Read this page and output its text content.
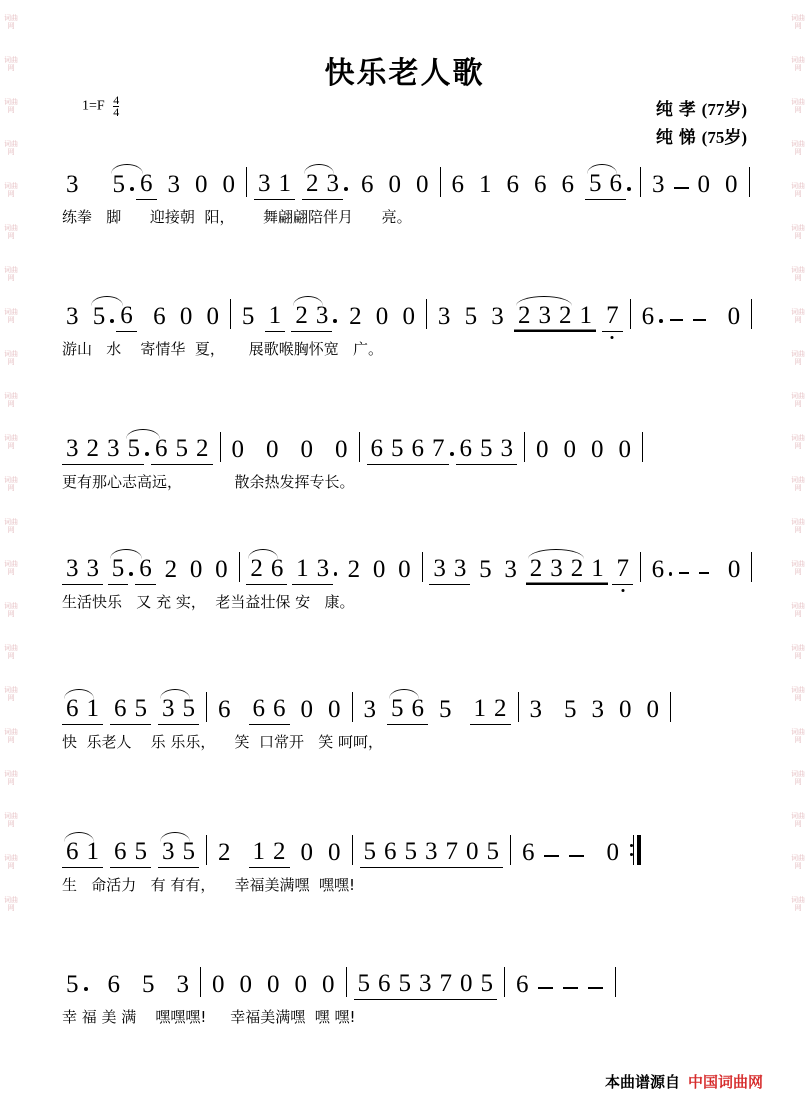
词曲网
词曲网
词曲网
词曲网
词曲网
词曲网
词曲网
词曲网
词曲网
词曲网
词曲网
词曲网
词曲网
词曲网
词曲网
词曲网
词曲网
词曲网
词曲网
词曲网
词曲网
词曲网
词曲网
词曲网
词曲网
词曲网
词曲网
词曲网
词曲网
词曲网
词曲网
词曲网
词曲网
词曲网
词曲网
词曲网
词曲网
词曲网
词曲网
词曲网
词曲网
词曲网
词曲网
词曲网
快乐老人歌
$1=F \frac{4}{4}$	纯 孝 (77岁)
纯 悌 (75岁)
3 5 6 3 0 0 3 1 2 3 6 0 0 6 1 6 6 6 5 6 3 0 0
练拳   脚      迎接朝  阳，      舞翩翩陪伴月      亮。
3 5 6 6 0 0 5 1 2 3 2 0 0 3 5 3 2 3 2 1 7 6	0
游山   水    寄情华  夏，     展歌喉胸怀宽   广。
3 2 3 5 6 5 2 0 0 0 0 6 5 6 7 6 5 3 0 0 0 0
更有那心志高远，           散余热发挥专长。
3 3 5 6 2 0 0 2 6 1 3 2 0 0 3 3 5 3 2 3 2 1 7 6	0
生活快乐   又 充 实，  老当益壮保 安   康。
6 1 6 5 3 5 6 6 6 0 0 3 5 6 5 1 2 3 5 3 0 0
快  乐老人    乐 乐乐，    笑  口常开   笑 呵呵，
6 1 6 5 3 5 2 1 2 0 0 5 6 5 3 7 0 5 6	0
生   命活力   有 有有，    幸福美满嘿  嘿嘿!
5 6 5 3 0 0 0 0 0 5 6 5 3 7 0 5 6
幸 福 美 满    嘿嘿嘿!     幸福美满嘿  嘿 嘿!
本曲谱源自 中国词曲网
